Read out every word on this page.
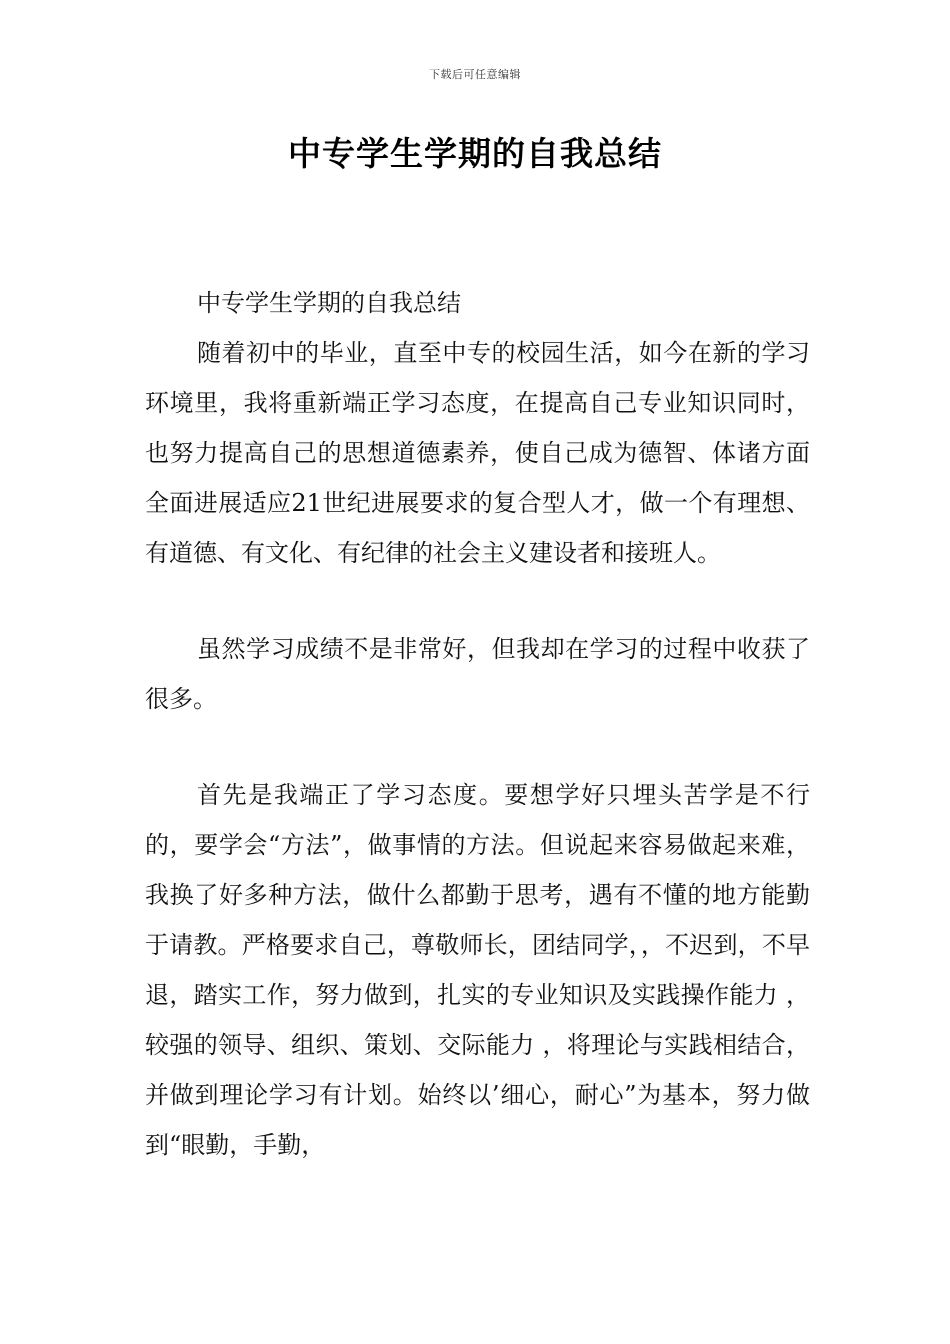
下载后可任意编辑
中专学生学期的自我总结

中专学生学期的自我总结

随着初中的毕业，直至中专的校园生活，如今在新的学习环境里，我将重新端正学习态度，在提高自己专业知识同时，也努力提高自己的思想道德素养，使自己成为德智、体诸方面全面进展适应21世纪进展要求的复合型人才，做一个有理想、有道德、有文化、有纪律的社会主义建设者和接班人。

虽然学习成绩不是非常好，但我却在学习的过程中收获了很多。

首先是我端正了学习态度。要想学好只埋头苦学是不行的，要学会“方法”，做事情的方法。但说起来容易做起来难，我换了好多种方法，做什么都勤于思考，遇有不懂的地方能勤于请教。严格要求自己，尊敬师长，团结同学，，不迟到，不早退，踏实工作，努力做到，扎实的专业知识及实践操作能力 ， 较强的领导、组织、策划、交际能力 ，将理论与实践相结合，并做到理论学习有计划。始终以’细心，耐心”为基本，努力做到“眼勤，手勤，
